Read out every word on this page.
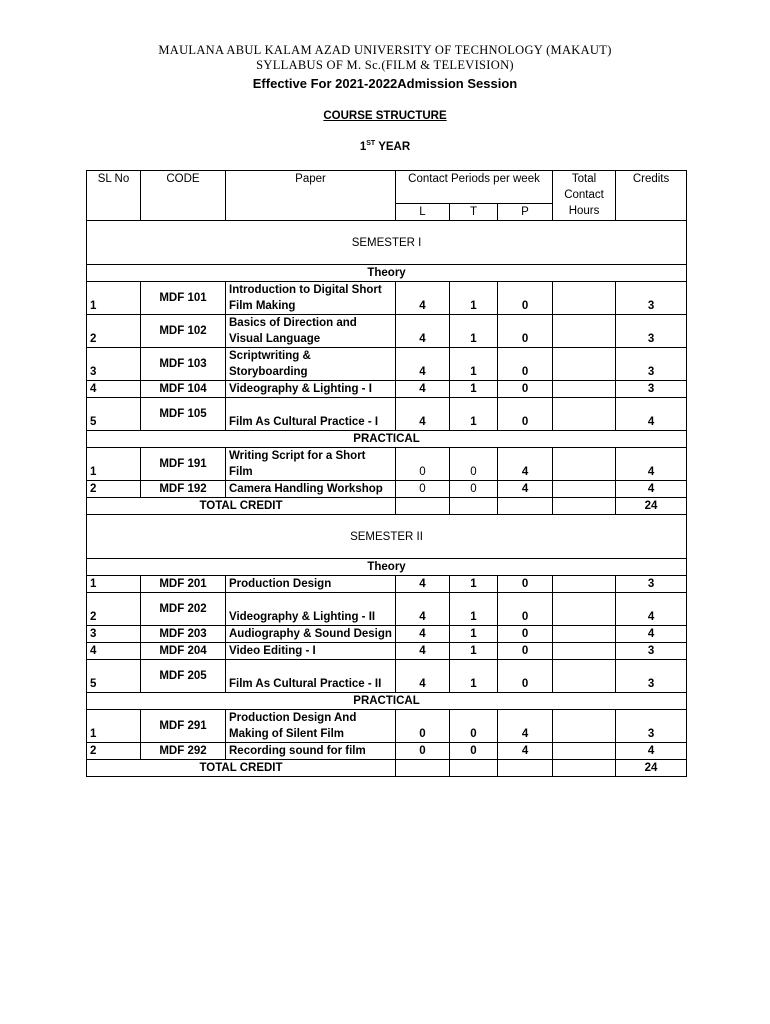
MAULANA ABUL KALAM AZAD UNIVERSITY OF TECHNOLOGY (MAKAUT)
SYLLABUS OF M. Sc.(FILM & TELEVISION)
Effective For 2021-2022Admission Session
COURSE STRUCTURE
1ST YEAR
SL No	CODE	Paper	Contact Periods per week			Total Contact Hours	Credits
			L	T	P		
SEMESTER I							
Theory							
1	MDF 101	Introduction to Digital Short Film Making	4	1	0		3
2	MDF 102	Basics of Direction and Visual Language	4	1	0		3
3	MDF 103	Scriptwriting & Storyboarding	4	1	0		3
4	MDF 104	Videography & Lighting - I	4	1	0		3
5	MDF 105	Film As Cultural Practice - I	4	1	0		4
PRACTICAL							
1	MDF 191	Writing Script for a Short Film	0	0	4		4
2	MDF 192	Camera Handling Workshop	0	0	4		4
TOTAL CREDIT							24
SEMESTER II							
Theory							
1	MDF 201	Production Design	4	1	0		3
2	MDF 202	Videography & Lighting - II	4	1	0		4
3	MDF 203	Audiography & Sound Design	4	1	0		4
4	MDF 204	Video Editing - I	4	1	0		3
5	MDF 205	Film As Cultural Practice - II	4	1	0		3
PRACTICAL							
1	MDF 291	Production Design And Making of Silent Film	0	0	4		3
2	MDF 292	Recording sound for film	0	0	4		4
TOTAL CREDIT							24
